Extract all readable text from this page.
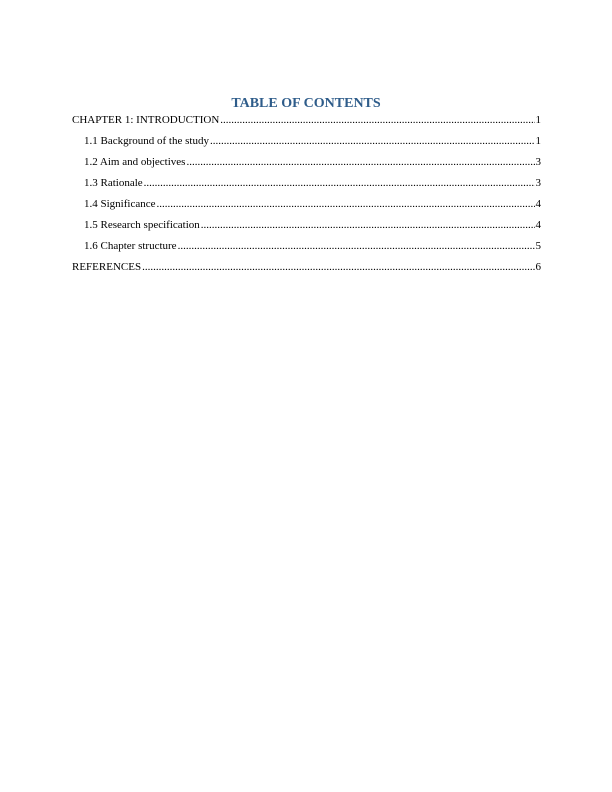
TABLE OF CONTENTS
CHAPTER 1: INTRODUCTION .....	1
1.1 Background of the study .....	1
1.2 Aim and objectives .....	3
1.3 Rationale .....	3
1.4 Significance .....	4
1.5 Research specification .....	4
1.6 Chapter structure .....	5
REFERENCES .....	6
